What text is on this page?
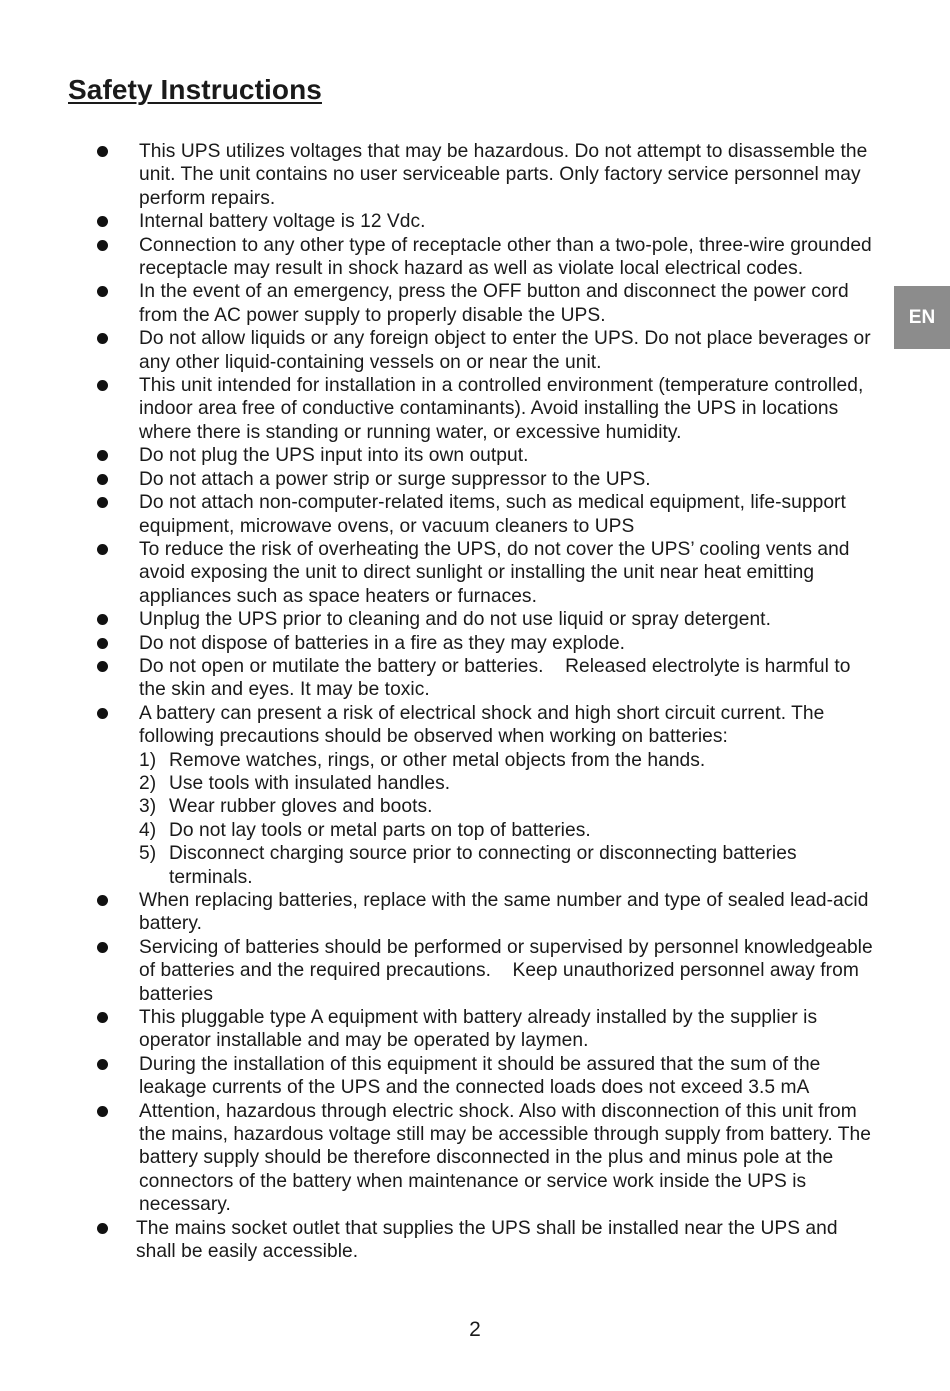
Safety Instructions
EN
This UPS utilizes voltages that may be hazardous. Do not attempt to disassemble the unit. The unit contains no user serviceable parts. Only factory service personnel may perform repairs.
Internal battery voltage is 12 Vdc.
Connection to any other type of receptacle other than a two-pole, three-wire grounded receptacle may result in shock hazard as well as violate local electrical codes.
In the event of an emergency, press the OFF button and disconnect the power cord from the AC power supply to properly disable the UPS.
Do not allow liquids or any foreign object to enter the UPS. Do not place beverages or any other liquid-containing vessels on or near the unit.
This unit intended for installation in a controlled environment (temperature controlled, indoor area free of conductive contaminants). Avoid installing the UPS in locations where there is standing or running water, or excessive humidity.
Do not plug the UPS input into its own output.
Do not attach a power strip or surge suppressor to the UPS.
Do not attach non-computer-related items, such as medical equipment, life-support equipment, microwave ovens, or vacuum cleaners to UPS
To reduce the risk of overheating the UPS, do not cover the UPS’ cooling vents and avoid exposing the unit to direct sunlight or installing the unit near heat emitting appliances such as space heaters or furnaces.
Unplug the UPS prior to cleaning and do not use liquid or spray detergent.
Do not dispose of batteries in a fire as they may explode.
Do not open or mutilate the battery or batteries.    Released electrolyte is harmful to the skin and eyes. It may be toxic.
A battery can present a risk of electrical shock and high short circuit current. The following precautions should be observed when working on batteries:
1) Remove watches, rings, or other metal objects from the hands.
2) Use tools with insulated handles.
3) Wear rubber gloves and boots.
4) Do not lay tools or metal parts on top of batteries.
5) Disconnect charging source prior to connecting or disconnecting batteries terminals.
When replacing batteries, replace with the same number and type of sealed lead-acid battery.
Servicing of batteries should be performed or supervised by personnel knowledgeable of batteries and the required precautions.    Keep unauthorized personnel away from batteries
This pluggable type A equipment with battery already installed by the supplier is operator installable and may be operated by laymen.
During the installation of this equipment it should be assured that the sum of the leakage currents of the UPS and the connected loads does not exceed 3.5 mA
Attention, hazardous through electric shock. Also with disconnection of this unit from the mains, hazardous voltage still may be accessible through supply from battery. The battery supply should be therefore disconnected in the plus and minus pole at the connectors of the battery when maintenance or service work inside the UPS is necessary.
The mains socket outlet that supplies the UPS shall be installed near the UPS and shall be easily accessible.
2
